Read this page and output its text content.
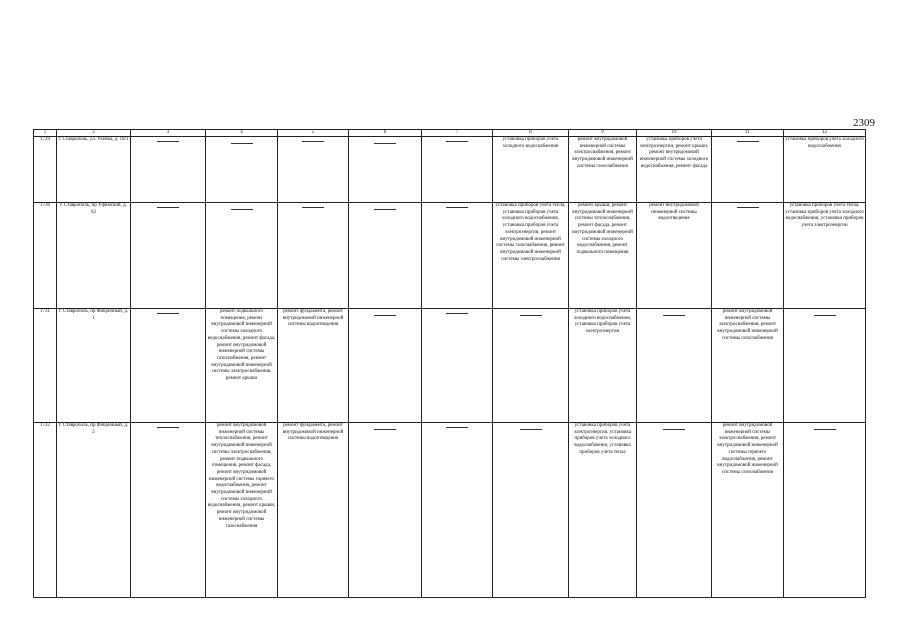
2309
1	2	3	4	5	6	7	8	9	10	11	12
1729	г. Ставрополь, ул. Ухенка, д. 18/1						установка приборов учета холодного водоснабжения	ремонт внутридомовой инженерной системы электроснабжения, ремонт внутридомовой инженерной системы газоснабжения	установка приборов учета электроэнергии, ремонт крыши, ремонт внутридомовой инженерной системы холодного водоснабжения, ремонт фасада		установка приборов учета холодного водоснабжения
1730	г. Ставрополь, пр Уфимский, д. 62						установка приборов учета тепла, установка приборов учета холодного водоснабжения, установка приборов учета электроэнергии, ремонт внутридомовой инженерной системы газоснабжения, ремонт внутридомовой инженерной системы электроснабжения	ремонт крыши, ремонт внутридомовой инженерной системы теплоснабжения, ремонт фасада, ремонт внутридомовой инженерной системы холодного водоснабжения, ремонт подвального помещения	ремонт внутридомовой инженерной системы водоотведения		установка приборов учета тепла, установка приборов учета холодного водоснабжения, установка приборов учета электроэнергии
1731	г. Ставрополь, пр Фабричный, д. 1		ремонт подвального помещения, ремонт внутридомовой инженерной системы холодного водоснабжения, ремонт фасада, ремонт внутридомовой инженерной системы газоснабжения, ремонт внутридомовой инженерной системы электроснабжения, ремонт крыши	ремонт фундамента, ремонт внутридомовой инженерной системы водоотведения				установка приборов учета холодного водоснабжения, установка приборов учета электроэнергии		ремонт внутридомовой инженерной системы электроснабжения, ремонт внутридомовой инженерной системы газоснабжения	

1732	г. Ставрополь, пр Фабричный, д. 2		ремонт внутридомовой инженерной системы теплоснабжения, ремонт внутридомовой инженерной системы электроснабжения, ремонт подвального помещения, ремонт фасада, ремонт внутридомовой инженерной системы горячего водоснабжения, ремонт внутридомовой инженерной системы холодного водоснабжения, ремонт крыши, ремонт внутридомовой инженерной системы газоснабжения	ремонт фундамента, ремонт внутридомовой инженерной системы водоотведения				установка приборов учета электроэнергии, установка приборов учета холодного водоснабжения, установка приборов учета тепла		ремонт внутридомовой инженерной системы электроснабжения, ремонт внутридомовой инженерной системы горячего водоснабжения, ремонт внутридомовой инженерной системы газоснабжения	
